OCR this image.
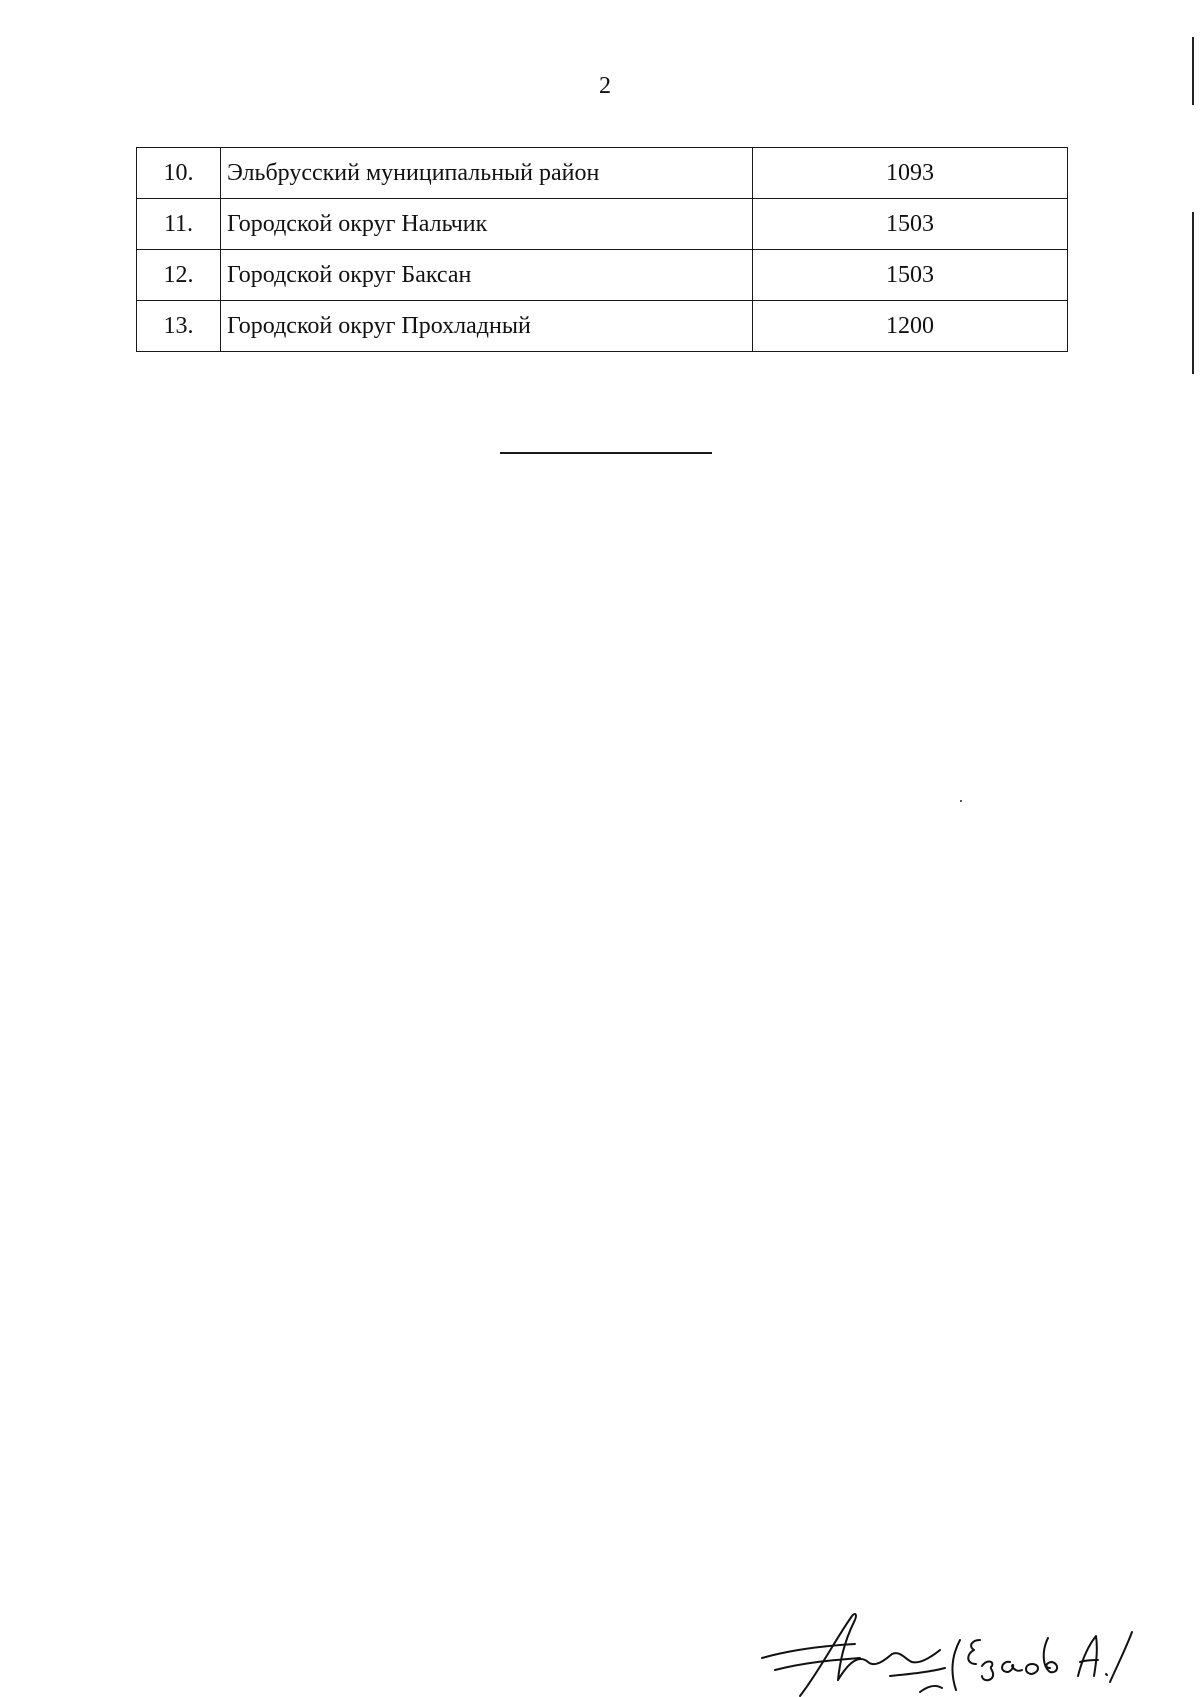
2
10.	Эльбрусский муниципальный район	1093
11.	Городской округ Нальчик	1503
12.	Городской округ Баксан	1503
13.	Городской округ Прохладный	1200
